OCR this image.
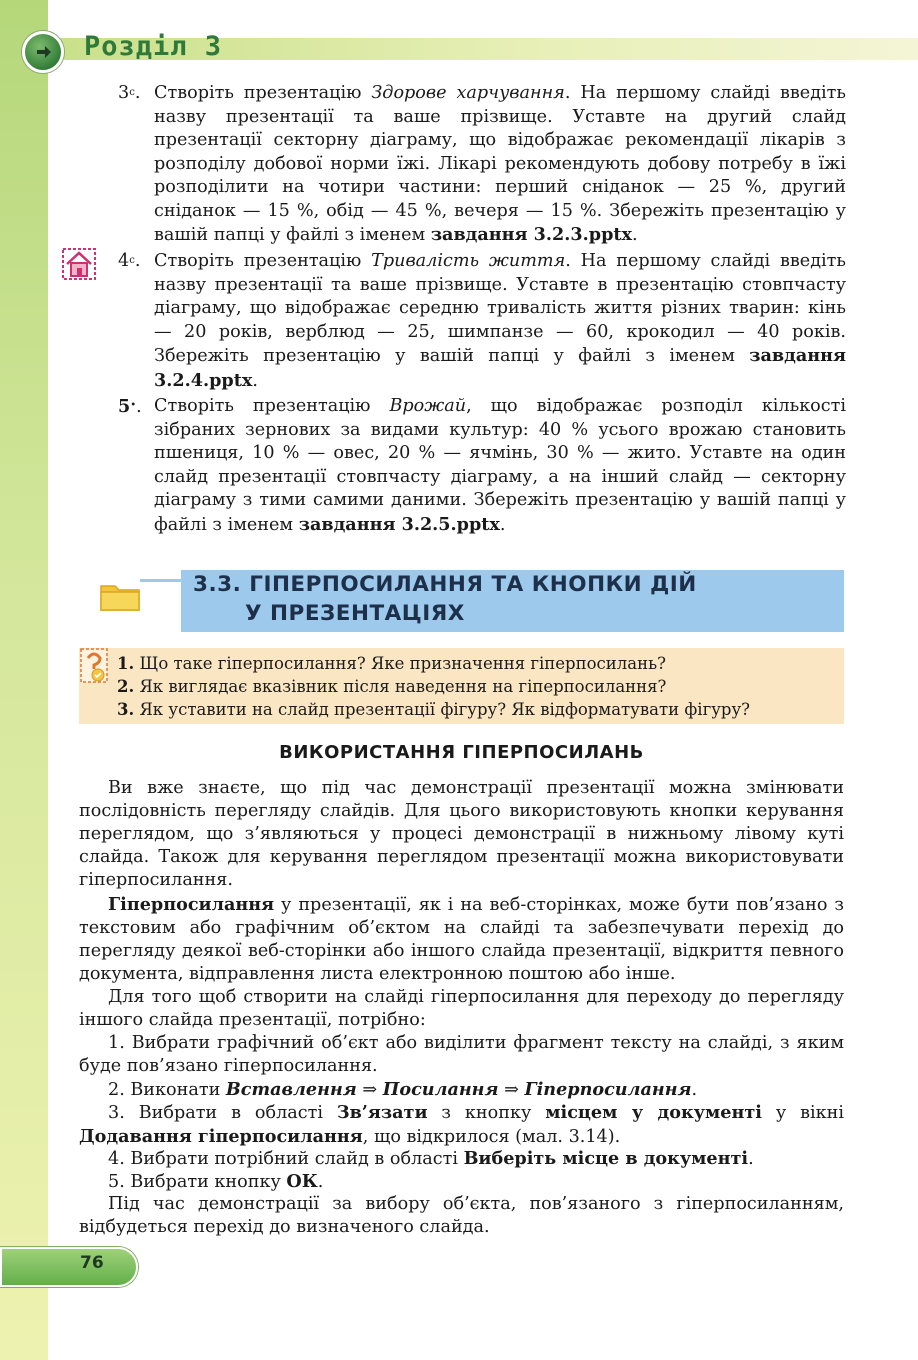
Розділ 3
$3^с$. Створіть презентацію Здорове харчування. На першому слайді введіть назву презентації та ваше прізвище. Уставте на другий слайд презентації секторну діаграму, що відображає рекомендації лікарів з розподілу добової норми їжі. Лікарі рекомендують добову потребу в їжі розподілити на чотири частини: перший сніданок — 25 %, другий сніданок — 15 %, обід — 45 %, вечеря — 15 %. Збережіть презентацію у вашій папці у файлі з іменем завдання 3.2.3.pptx.

$4^с$. Створіть презентацію Тривалість життя. На першому слайді введіть назву презентації та ваше прізвище. Уставте в презентацію стовпчасту діаграму, що відображає середню тривалість життя різних тварин: кінь — 20 років, верблюд — 25, шимпанзе — 60, крокодил — 40 років. Збережіть презентацію у вашій папці у файлі з іменем завдання 3.2.4.pptx.

5•. Створіть презентацію Врожай, що відображає розподіл кількості зібраних зернових за видами культур: 40 % усього врожаю становить пшениця, 10 % — овес, 20 % — ячмінь, 30 % — жито. Уставте на один слайд презентації стовпчасту діаграму, а на інший слайд — секторну діаграму з тими самими даними. Збережіть презентацію у вашій папці у файлі з іменем завдання 3.2.5.pptx.

3.3. ГІПЕРПОСИЛАННЯ ТА КНОПКИ ДІЙ
У ПРЕЗЕНТАЦІЯХ
1. Що таке гіперпосилання? Яке призначення гіперпосилань?
2. Як виглядає вказівник після наведення на гіперпосилання?
3. Як уставити на слайд презентації фігуру? Як відформатувати фігуру?
ВИКОРИСТАННЯ ГІПЕРПОСИЛАНЬ

Ви вже знаєте, що під час демонстрації презентації можна змінювати послідовність перегляду слайдів. Для цього використовують кнопки керування переглядом, що з’являються у процесі демонстрації в нижньому лівому куті слайда. Також для керування переглядом презентації можна використовувати гіперпосилання.

Гіперпосилання у презентації, як і на веб-сторінках, може бути пов’язано з текстовим або графічним об’єктом на слайді та забезпечувати перехід до перегляду деякої веб-сторінки або іншого слайда презентації, відкриття певного документа, відправлення листа електронною поштою або інше.

Для того щоб створити на слайді гіперпосилання для переходу до перегляду іншого слайда презентації, потрібно:

1. Вибрати графічний об’єкт або виділити фрагмент тексту на слайді, з яким буде пов’язано гіперпосилання.

2. Виконати Вставлення ⇒ Посилання ⇒ Гіперпосилання.

3. Вибрати в області Зв’язати з кнопку місцем у документі у вікні Додавання гіперпосилання, що відкрилося (мал. 3.14).

4. Вибрати потрібний слайд в області Виберіть місце в документі.

5. Вибрати кнопку ОК.

Під час демонстрації за вибору об’єкта, пов’язаного з гіперпосиланням, відбудеться перехід до визначеного слайда.

76
